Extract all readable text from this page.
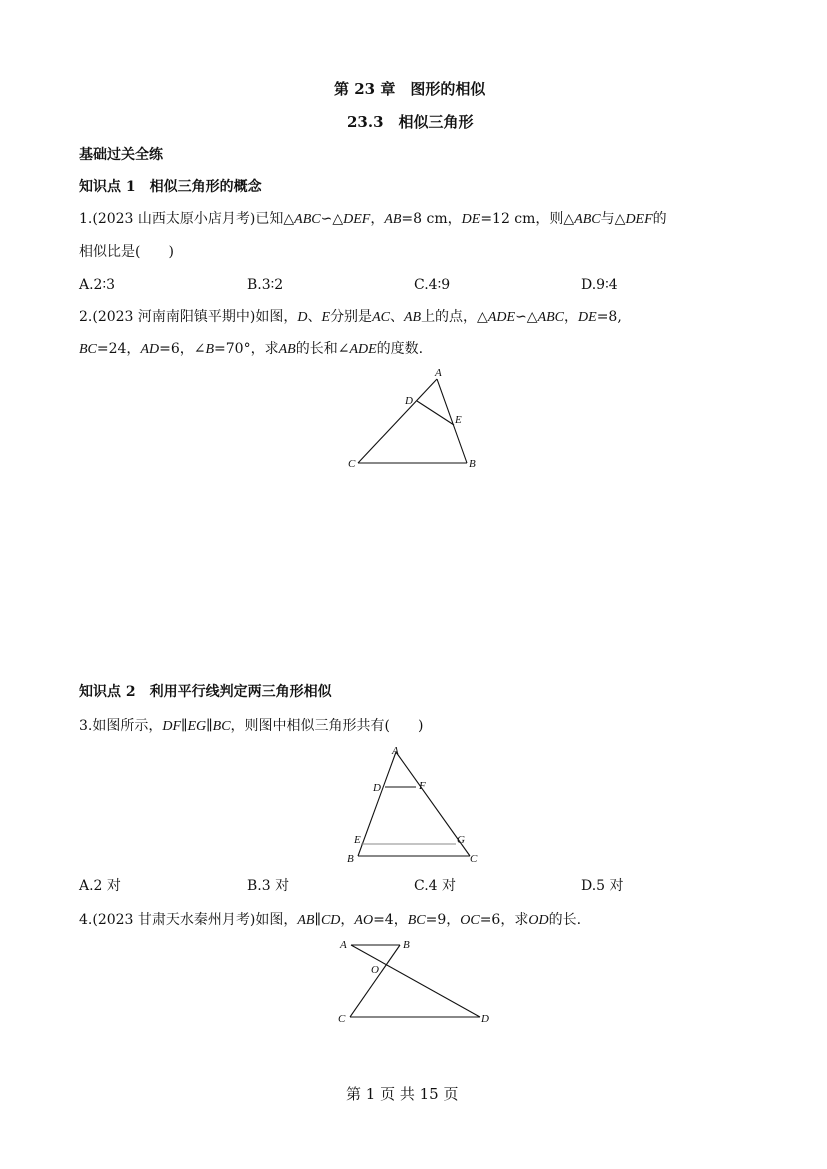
第 23 章　图形的相似
23.3　相似三角形
基础过关全练
知识点 1　相似三角形的概念
1.(2023 山西太原小店月考)已知△ABC∽△DEF，AB=8 cm，DE=12 cm，则△ABC与△DEF的
相似比是(　　)
A.2∶3	B.3∶2	C.4∶9	D.9∶4
2.(2023 河南南阳镇平期中)如图，D、E分别是AC、AB上的点，△ADE∽△ABC，DE=8,
BC=24，AD=6，∠B=70°，求AB的长和∠ADE的度数.
A
D
E
C	B
知识点 2　利用平行线判定两三角形相似
3.如图所示，DF∥EG∥BC，则图中相似三角形共有(　　)
A
D	F
E	G
B	C
A.2 对	B.3 对	C.4 对	D.5 对
4.(2023 甘肃天水秦州月考)如图，AB∥CD，AO=4，BC=9，OC=6，求OD的长.
A	B
O
C	D
第 1 页 共 15 页
